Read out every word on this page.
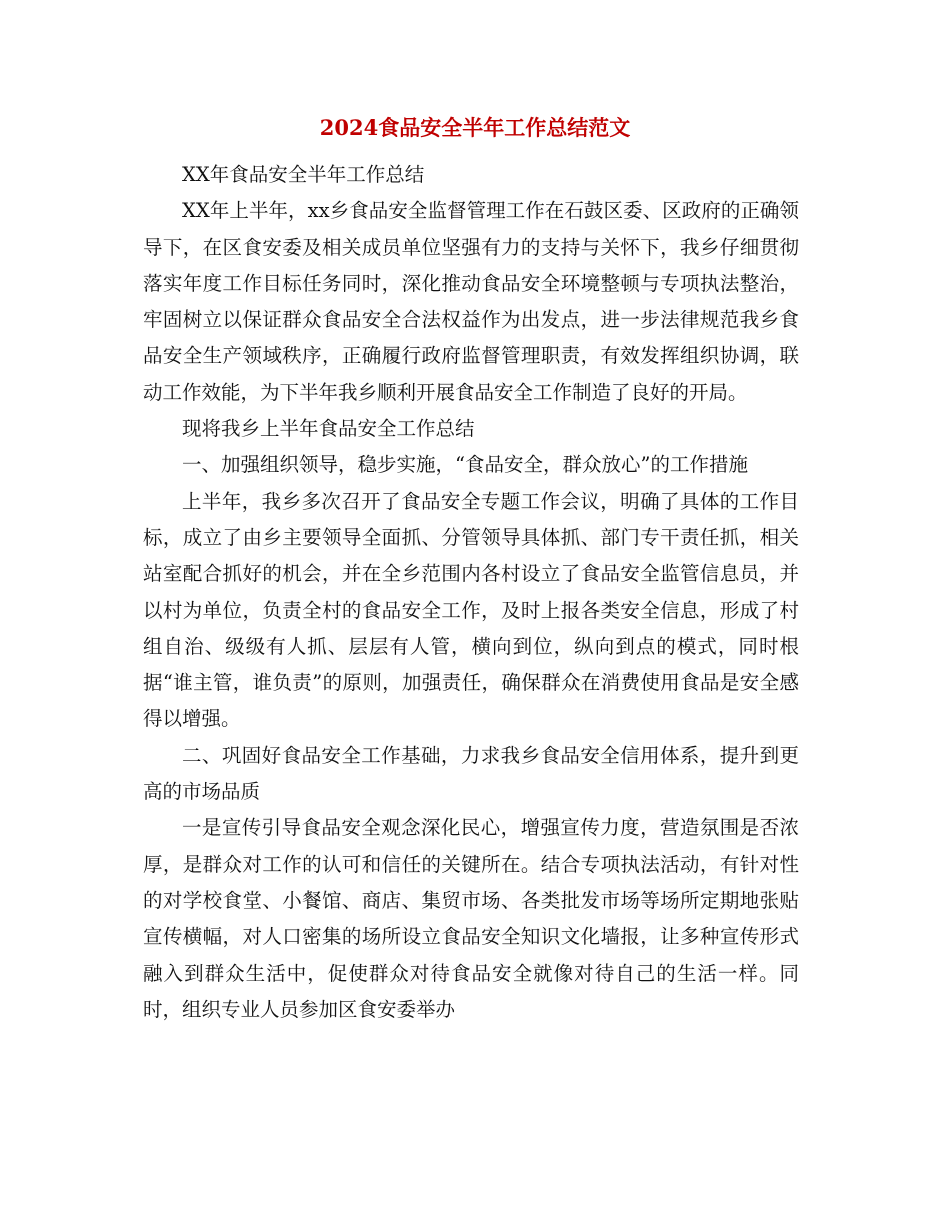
2024食品安全半年工作总结范文

XX年食品安全半年工作总结

XX年上半年，xx乡食品安全监督管理工作在石鼓区委、区政府的正确领导下，在区食安委及相关成员单位坚强有力的支持与关怀下，我乡仔细贯彻落实年度工作目标任务同时，深化推动食品安全环境整顿与专项执法整治，牢固树立以保证群众食品安全合法权益作为出发点，进一步法律规范我乡食品安全生产领域秩序，正确履行政府监督管理职责，有效发挥组织协调，联动工作效能，为下半年我乡顺利开展食品安全工作制造了良好的开局。

现将我乡上半年食品安全工作总结

一、加强组织领导，稳步实施，“食品安全，群众放心”的工作措施

上半年，我乡多次召开了食品安全专题工作会议，明确了具体的工作目标，成立了由乡主要领导全面抓、分管领导具体抓、部门专干责任抓，相关站室配合抓好的机会，并在全乡范围内各村设立了食品安全监管信息员，并以村为单位，负责全村的食品安全工作，及时上报各类安全信息，形成了村组自治、级级有人抓、层层有人管，横向到位，纵向到点的模式，同时根据“谁主管，谁负责”的原则，加强责任，确保群众在消费使用食品是安全感得以增强。

二、巩固好食品安全工作基础，力求我乡食品安全信用体系，提升到更高的市场品质

一是宣传引导食品安全观念深化民心，增强宣传力度，营造氛围是否浓厚，是群众对工作的认可和信任的关键所在。结合专项执法活动，有针对性的对学校食堂、小餐馆、商店、集贸市场、各类批发市场等场所定期地张贴宣传横幅，对人口密集的场所设立食品安全知识文化墙报，让多种宣传形式融入到群众生活中，促使群众对待食品安全就像对待自己的生活一样。同时，组织专业人员参加区食安委举办
